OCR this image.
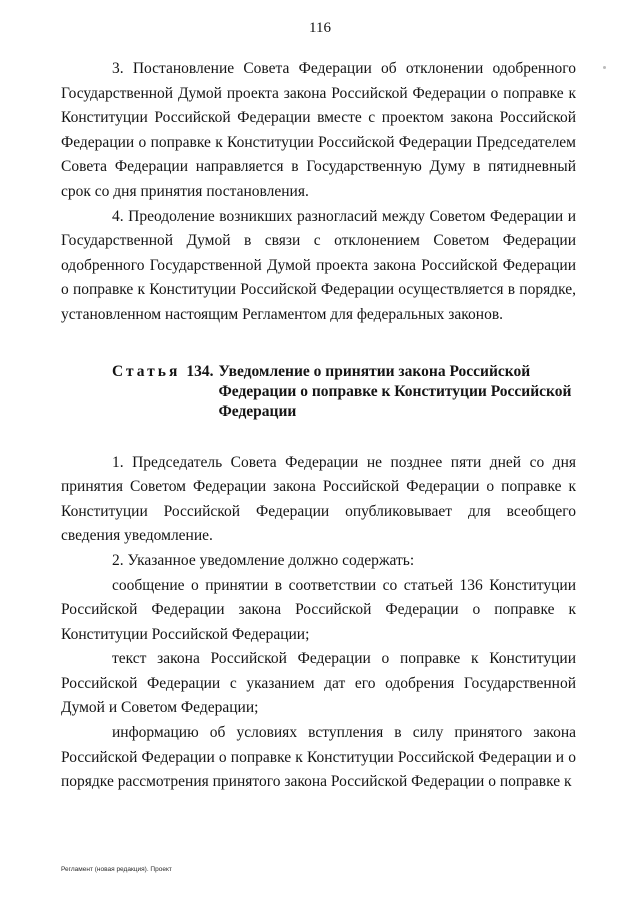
116

3. Постановление Совета Федерации об отклонении одобренного Государственной Думой проекта закона Российской Федерации о поправке к Конституции Российской Федерации вместе с проектом закона Российской Федерации о поправке к Конституции Российской Федерации Председателем Совета Федерации направляется в Государственную Думу в пятидневный срок со дня принятия постановления.

4. Преодоление возникших разногласий между Советом Федерации и Государственной Думой в связи с отклонением Советом Федерации одобренного Государственной Думой проекта закона Российской Федерации о поправке к Конституции Российской Федерации осуществляется в порядке, установленном настоящим Регламентом для федеральных законов.

Статья 134. Уведомление о принятии закона Российской Федерации о поправке к Конституции Российской Федерации

1. Председатель Совета Федерации не позднее пяти дней со дня принятия Советом Федерации закона Российской Федерации о поправке к Конституции Российской Федерации опубликовывает для всеобщего сведения уведомление.

2. Указанное уведомление должно содержать:

сообщение о принятии в соответствии со статьей 136 Конституции Российской Федерации закона Российской Федерации о поправке к Конституции Российской Федерации;

текст закона Российской Федерации о поправке к Конституции Российской Федерации с указанием дат его одобрения Государственной Думой и Советом Федерации;

информацию об условиях вступления в силу принятого закона Российской Федерации о поправке к Конституции Российской Федерации и о порядке рассмотрения принятого закона Российской Федерации о поправке к

Регламент (новая редакция). Проект
